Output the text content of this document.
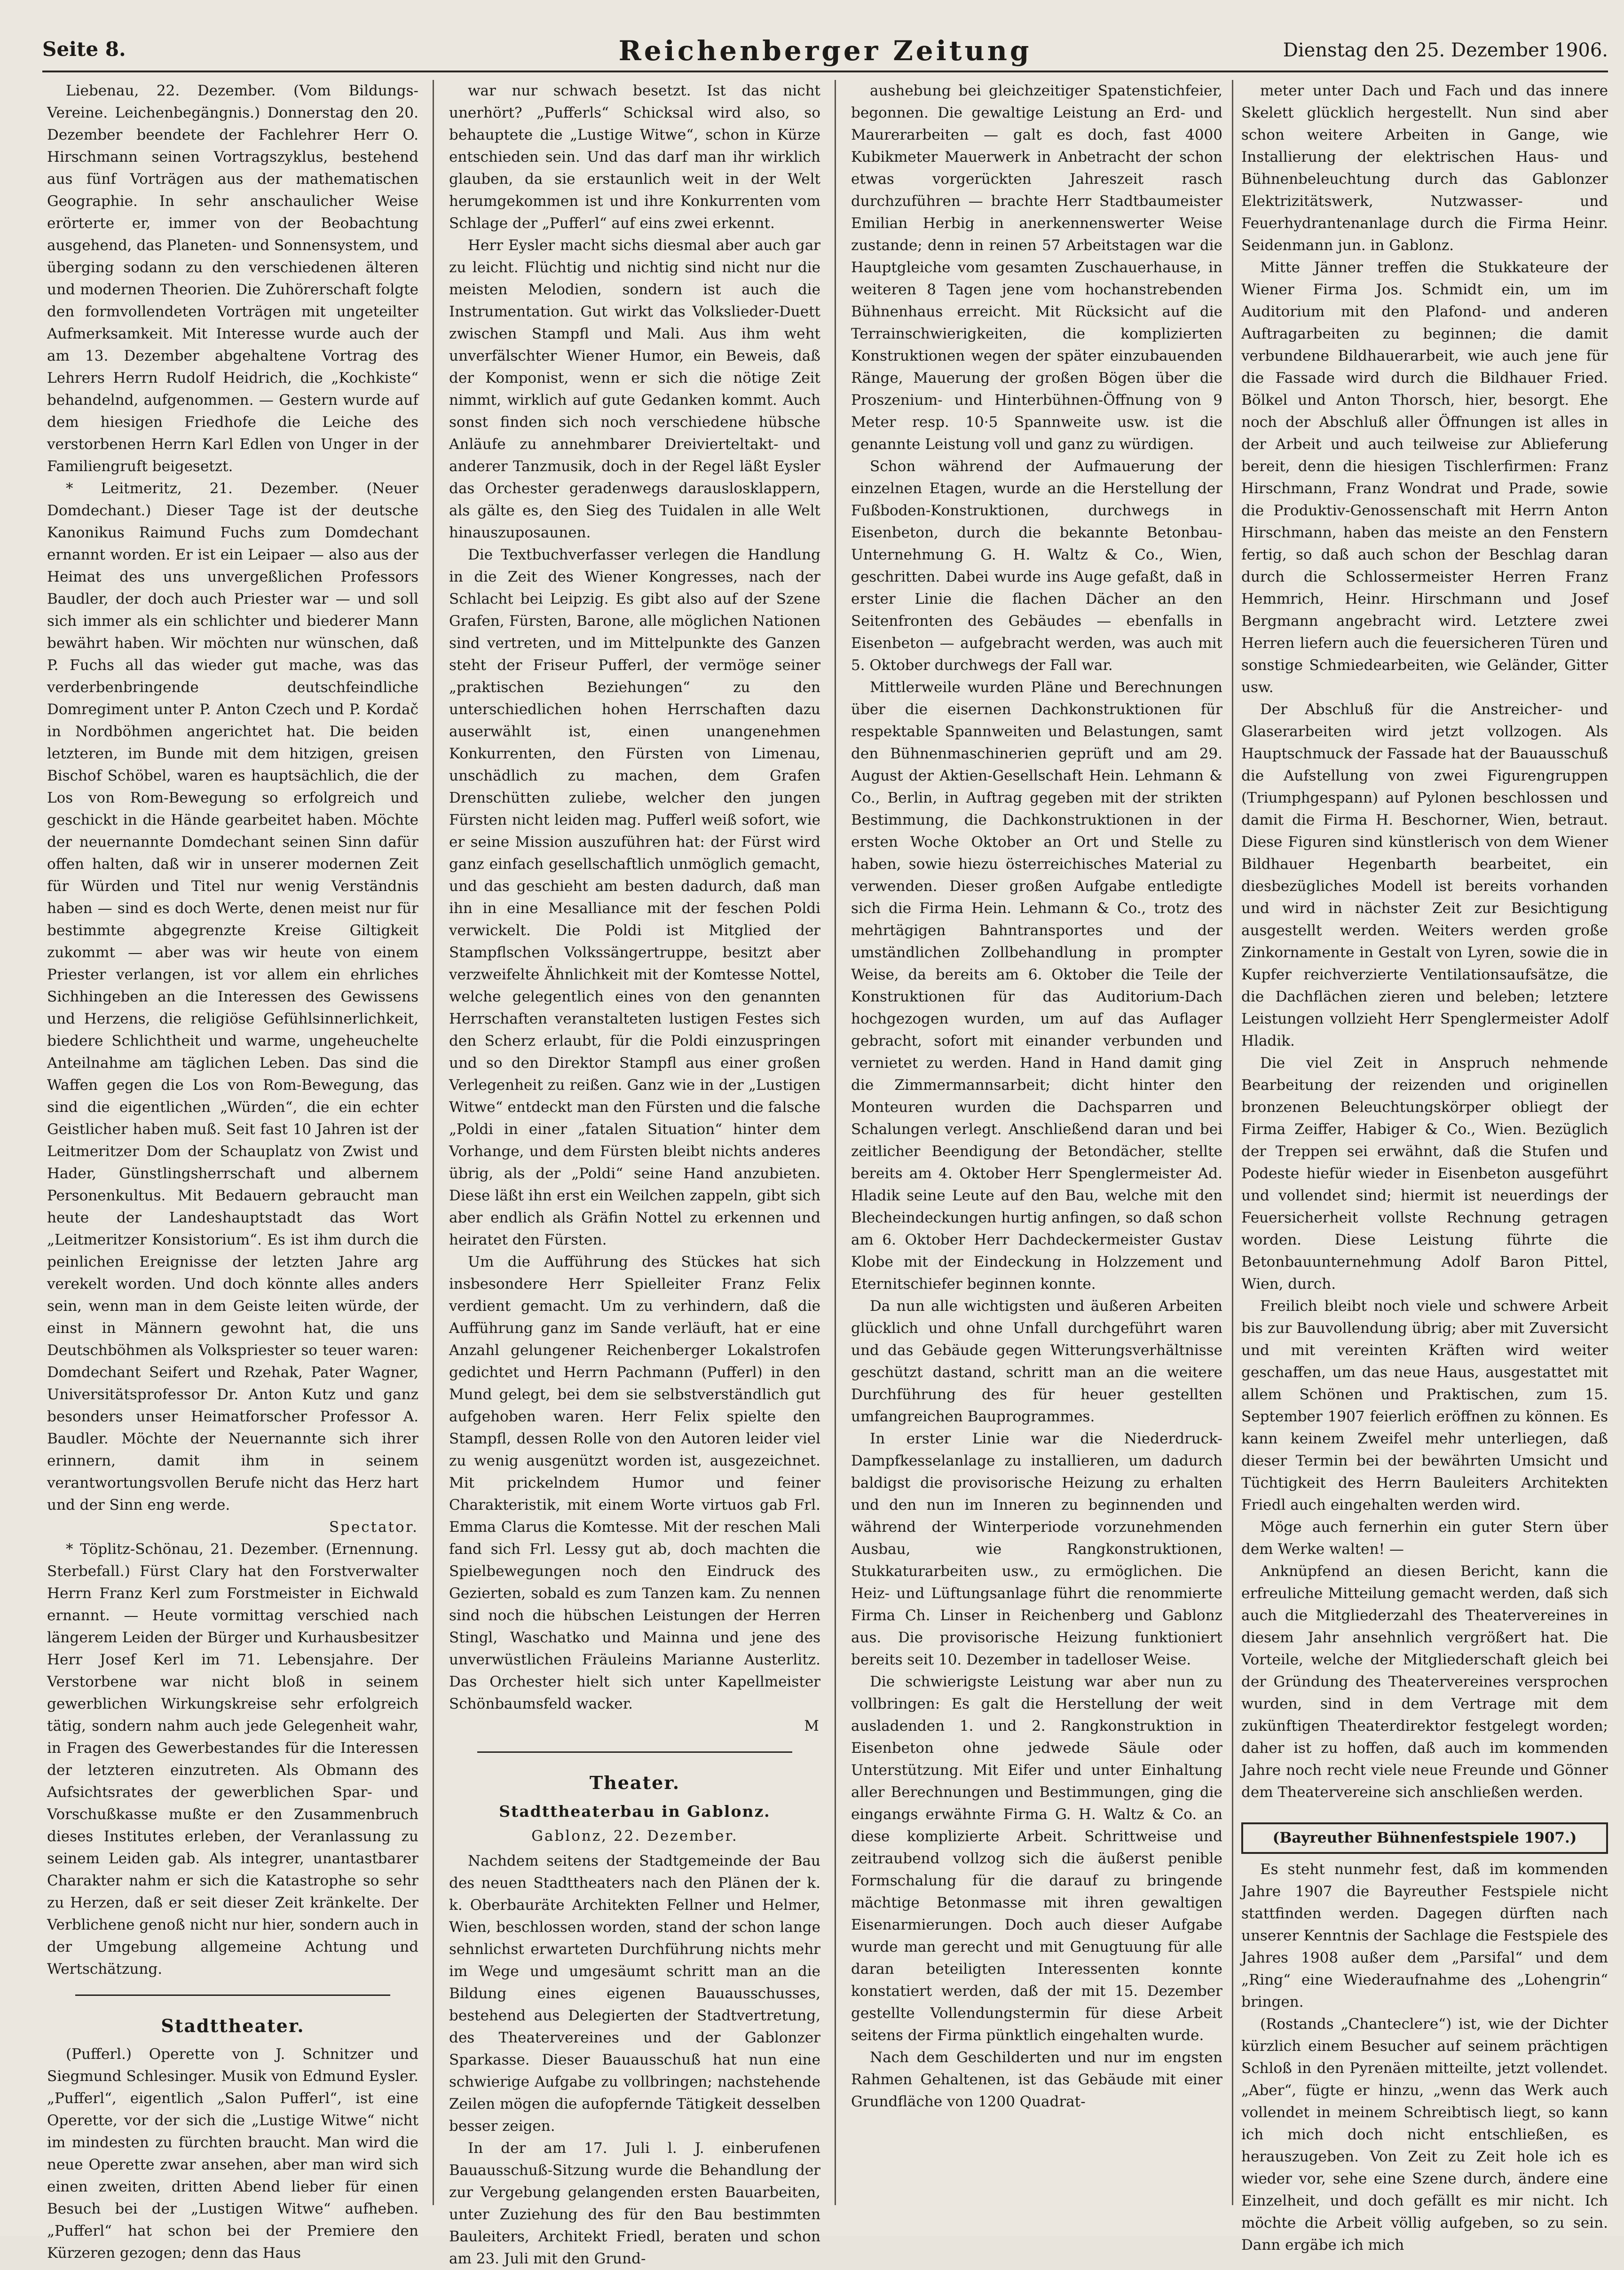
Seite 8.	Reichenberger Zeitung	Dienstag den 25. Dezember 1906.

Liebenau, 22. Dezember. (Vom Bildungs-Vereine. Leichenbegängnis.) Donnerstag den 20. Dezember beendete der Fachlehrer Herr O. Hirschmann seinen Vortragszyklus, bestehend aus fünf Vorträgen aus der mathematischen Geographie. In sehr anschaulicher Weise erörterte er, immer von der Beobachtung ausgehend, das Planeten- und Sonnensystem, und überging sodann zu den verschiedenen älteren und modernen Theorien. Die Zuhörerschaft folgte den formvollendeten Vorträgen mit ungeteilter Aufmerksamkeit. Mit Interesse wurde auch der am 13. Dezember abgehaltene Vortrag des Lehrers Herrn Rudolf Heidrich, die „Kochkiste“ behandelnd, aufgenommen. — Gestern wurde auf dem hiesigen Friedhofe die Leiche des verstorbenen Herrn Karl Edlen von Unger in der Familiengruft beigesetzt.

* Leitmeritz, 21. Dezember. (Neuer Domdechant.) Dieser Tage ist der deutsche Kanonikus Raimund Fuchs zum Domdechant ernannt worden. Er ist ein Leipaer — also aus der Heimat des uns unvergeßlichen Professors Baudler, der doch auch Priester war — und soll sich immer als ein schlichter und biederer Mann bewährt haben. Wir möchten nur wünschen, daß P. Fuchs all das wieder gut mache, was das verderbenbringende deutschfeindliche Domregiment unter P. Anton Czech und P. Kordač in Nordböhmen angerichtet hat. Die beiden letzteren, im Bunde mit dem hitzigen, greisen Bischof Schöbel, waren es hauptsächlich, die der Los von Rom-Bewegung so erfolgreich und geschickt in die Hände gearbeitet haben. Möchte der neuernannte Domdechant seinen Sinn dafür offen halten, daß wir in unserer modernen Zeit für Würden und Titel nur wenig Verständnis haben — sind es doch Werte, denen meist nur für bestimmte abgegrenzte Kreise Giltigkeit zukommt — aber was wir heute von einem Priester verlangen, ist vor allem ein ehrliches Sichhingeben an die Interessen des Gewissens und Herzens, die religiöse Gefühlsinnerlichkeit, biedere Schlichtheit und warme, ungeheuchelte Anteilnahme am täglichen Leben. Das sind die Waffen gegen die Los von Rom-Bewegung, das sind die eigentlichen „Würden“, die ein echter Geistlicher haben muß. Seit fast 10 Jahren ist der Leitmeritzer Dom der Schauplatz von Zwist und Hader, Günstlingsherrschaft und albernem Personenkultus. Mit Bedauern gebraucht man heute der Landeshauptstadt das Wort „Leitmeritzer Konsistorium“. Es ist ihm durch die peinlichen Ereignisse der letzten Jahre arg verekelt worden. Und doch könnte alles anders sein, wenn man in dem Geiste leiten würde, der einst in Männern gewohnt hat, die uns Deutschböhmen als Volkspriester so teuer waren: Domdechant Seifert und Rzehak, Pater Wagner, Universitätsprofessor Dr. Anton Kutz und ganz besonders unser Heimatforscher Professor A. Baudler. Möchte der Neuernannte sich ihrer erinnern, damit ihm in seinem verantwortungsvollen Berufe nicht das Herz hart und der Sinn eng werde.

Spectator.

* Töplitz-Schönau, 21. Dezember. (Ernennung. Sterbefall.) Fürst Clary hat den Forstverwalter Herrn Franz Kerl zum Forstmeister in Eichwald ernannt. — Heute vormittag verschied nach längerem Leiden der Bürger und Kurhausbesitzer Herr Josef Kerl im 71. Lebensjahre. Der Verstorbene war nicht bloß in seinem gewerblichen Wirkungskreise sehr erfolgreich tätig, sondern nahm auch jede Gelegenheit wahr, in Fragen des Gewerbestandes für die Interessen der letzteren einzutreten. Als Obmann des Aufsichtsrates der gewerblichen Spar- und Vorschußkasse mußte er den Zusammenbruch dieses Institutes erleben, der Veranlassung zu seinem Leiden gab. Als integrer, unantastbarer Charakter nahm er sich die Katastrophe so sehr zu Herzen, daß er seit dieser Zeit kränkelte. Der Verblichene genoß nicht nur hier, sondern auch in der Umgebung allgemeine Achtung und Wertschätzung.

Stadttheater.

(Pufferl.) Operette von J. Schnitzer und Siegmund Schlesinger. Musik von Edmund Eysler. „Pufferl“, eigentlich „Salon Pufferl“, ist eine Operette, vor der sich die „Lustige Witwe“ nicht im mindesten zu fürchten braucht. Man wird die neue Operette zwar ansehen, aber man wird sich einen zweiten, dritten Abend lieber für einen Besuch bei der „Lustigen Witwe“ aufheben. „Pufferl“ hat schon bei der Premiere den Kürzeren gezogen; denn das Haus

war nur schwach besetzt. Ist das nicht unerhört? „Pufferls“ Schicksal wird also, so behauptete die „Lustige Witwe“, schon in Kürze entschieden sein. Und das darf man ihr wirklich glauben, da sie erstaunlich weit in der Welt herumgekommen ist und ihre Konkurrenten vom Schlage der „Pufferl“ auf eins zwei erkennt.

Herr Eysler macht sichs diesmal aber auch gar zu leicht. Flüchtig und nichtig sind nicht nur die meisten Melodien, sondern ist auch die Instrumentation. Gut wirkt das Volkslieder-Duett zwischen Stampfl und Mali. Aus ihm weht unverfälschter Wiener Humor, ein Beweis, daß der Komponist, wenn er sich die nötige Zeit nimmt, wirklich auf gute Gedanken kommt. Auch sonst finden sich noch verschiedene hübsche Anläufe zu annehmbarer Dreivierteltakt- und anderer Tanzmusik, doch in der Regel läßt Eysler das Orchester geradenwegs darauslosklappern, als gälte es, den Sieg des Tuidalen in alle Welt hinauszuposaunen.

Die Textbuchverfasser verlegen die Handlung in die Zeit des Wiener Kongresses, nach der Schlacht bei Leipzig. Es gibt also auf der Szene Grafen, Fürsten, Barone, alle möglichen Nationen sind vertreten, und im Mittelpunkte des Ganzen steht der Friseur Pufferl, der vermöge seiner „praktischen Beziehungen“ zu den unterschiedlichen hohen Herrschaften dazu auserwählt ist, einen unangenehmen Konkurrenten, den Fürsten von Limenau, unschädlich zu machen, dem Grafen Drenschütten zuliebe, welcher den jungen Fürsten nicht leiden mag. Pufferl weiß sofort, wie er seine Mission auszuführen hat: der Fürst wird ganz einfach gesellschaftlich unmöglich gemacht, und das geschieht am besten dadurch, daß man ihn in eine Mesalliance mit der feschen Poldi verwickelt. Die Poldi ist Mitglied der Stampflschen Volkssängertruppe, besitzt aber verzweifelte Ähnlichkeit mit der Komtesse Nottel, welche gelegentlich eines von den genannten Herrschaften veranstalteten lustigen Festes sich den Scherz erlaubt, für die Poldi einzuspringen und so den Direktor Stampfl aus einer großen Verlegenheit zu reißen. Ganz wie in der „Lustigen Witwe“ entdeckt man den Fürsten und die falsche „Poldi in einer „fatalen Situation“ hinter dem Vorhange, und dem Fürsten bleibt nichts anderes übrig, als der „Poldi“ seine Hand anzubieten. Diese läßt ihn erst ein Weilchen zappeln, gibt sich aber endlich als Gräfin Nottel zu erkennen und heiratet den Fürsten.

Um die Aufführung des Stückes hat sich insbesondere Herr Spielleiter Franz Felix verdient gemacht. Um zu verhindern, daß die Aufführung ganz im Sande verläuft, hat er eine Anzahl gelungener Reichenberger Lokalstrofen gedichtet und Herrn Pachmann (Pufferl) in den Mund gelegt, bei dem sie selbstverständlich gut aufgehoben waren. Herr Felix spielte den Stampfl, dessen Rolle von den Autoren leider viel zu wenig ausgenützt worden ist, ausgezeichnet. Mit prickelndem Humor und feiner Charakteristik, mit einem Worte virtuos gab Frl. Emma Clarus die Komtesse. Mit der reschen Mali fand sich Frl. Lessy gut ab, doch machten die Spielbewegungen noch den Eindruck des Gezierten, sobald es zum Tanzen kam. Zu nennen sind noch die hübschen Leistungen der Herren Stingl, Waschatko und Mainna und jene des unverwüstlichen Fräuleins Marianne Austerlitz. Das Orchester hielt sich unter Kapellmeister Schönbaumsfeld wacker.

M
Theater.
Stadttheaterbau in Gablonz.
Gablonz, 22. Dezember.

Nachdem seitens der Stadtgemeinde der Bau des neuen Stadttheaters nach den Plänen der k. k. Oberbauräte Architekten Fellner und Helmer, Wien, beschlossen worden, stand der schon lange sehnlichst erwarteten Durchführung nichts mehr im Wege und umgesäumt schritt man an die Bildung eines eigenen Bauausschusses, bestehend aus Delegierten der Stadtvertretung, des Theatervereines und der Gablonzer Sparkasse. Dieser Bauausschuß hat nun eine schwierige Aufgabe zu vollbringen; nachstehende Zeilen mögen die aufopfernde Tätigkeit desselben besser zeigen.

In der am 17. Juli l. J. einberufenen Bauausschuß-Sitzung wurde die Behandlung der zur Vergebung gelangenden ersten Bauarbeiten, unter Zuziehung des für den Bau bestimmten Bauleiters, Architekt Friedl, beraten und schon am 23. Juli mit den Grund-

aushebung bei gleichzeitiger Spatenstichfeier, begonnen. Die gewaltige Leistung an Erd- und Maurerarbeiten — galt es doch, fast 4000 Kubikmeter Mauerwerk in Anbetracht der schon etwas vorgerückten Jahreszeit rasch durchzuführen — brachte Herr Stadtbaumeister Emilian Herbig in anerkennenswerter Weise zustande; denn in reinen 57 Arbeitstagen war die Hauptgleiche vom gesamten Zuschauerhause, in weiteren 8 Tagen jene vom hochanstrebenden Bühnenhaus erreicht. Mit Rücksicht auf die Terrainschwierigkeiten, die komplizierten Konstruktionen wegen der später einzubauenden Ränge, Mauerung der großen Bögen über die Proszenium- und Hinterbühnen-Öffnung von 9 Meter resp. 10·5 Spannweite usw. ist die genannte Leistung voll und ganz zu würdigen.

Schon während der Aufmauerung der einzelnen Etagen, wurde an die Herstellung der Fußboden-Konstruktionen, durchwegs in Eisenbeton, durch die bekannte Betonbau-Unternehmung G. H. Waltz & Co., Wien, geschritten. Dabei wurde ins Auge gefaßt, daß in erster Linie die flachen Dächer an den Seitenfronten des Gebäudes — ebenfalls in Eisenbeton — aufgebracht werden, was auch mit 5. Oktober durchwegs der Fall war.

Mittlerweile wurden Pläne und Berechnungen über die eisernen Dachkonstruktionen für respektable Spannweiten und Belastungen, samt den Bühnenmaschinerien geprüft und am 29. August der Aktien-Gesellschaft Hein. Lehmann & Co., Berlin, in Auftrag gegeben mit der strikten Bestimmung, die Dachkonstruktionen in der ersten Woche Oktober an Ort und Stelle zu haben, sowie hiezu österreichisches Material zu verwenden. Dieser großen Aufgabe entledigte sich die Firma Hein. Lehmann & Co., trotz des mehrtägigen Bahntransportes und der umständlichen Zollbehandlung in prompter Weise, da bereits am 6. Oktober die Teile der Konstruktionen für das Auditorium-Dach hochgezogen wurden, um auf das Auflager gebracht, sofort mit einander verbunden und vernietet zu werden. Hand in Hand damit ging die Zimmermannsarbeit; dicht hinter den Monteuren wurden die Dachsparren und Schalungen verlegt. Anschließend daran und bei zeitlicher Beendigung der Betondächer, stellte bereits am 4. Oktober Herr Spenglermeister Ad. Hladik seine Leute auf den Bau, welche mit den Blecheindeckungen hurtig anfingen, so daß schon am 6. Oktober Herr Dachdeckermeister Gustav Klobe mit der Eindeckung in Holzzement und Eternitschiefer beginnen konnte.

Da nun alle wichtigsten und äußeren Arbeiten glücklich und ohne Unfall durchgeführt waren und das Gebäude gegen Witterungsverhältnisse geschützt dastand, schritt man an die weitere Durchführung des für heuer gestellten umfangreichen Bauprogrammes.

In erster Linie war die Niederdruck-Dampfkesselanlage zu installieren, um dadurch baldigst die provisorische Heizung zu erhalten und den nun im Inneren zu beginnenden und während der Winterperiode vorzunehmenden Ausbau, wie Rangkonstruktionen, Stukkaturarbeiten usw., zu ermöglichen. Die Heiz- und Lüftungsanlage führt die renommierte Firma Ch. Linser in Reichenberg und Gablonz aus. Die provisorische Heizung funktioniert bereits seit 10. Dezember in tadelloser Weise.

Die schwierigste Leistung war aber nun zu vollbringen: Es galt die Herstellung der weit ausladenden 1. und 2. Rangkonstruktion in Eisenbeton ohne jedwede Säule oder Unterstützung. Mit Eifer und unter Einhaltung aller Berechnungen und Bestimmungen, ging die eingangs erwähnte Firma G. H. Waltz & Co. an diese komplizierte Arbeit. Schrittweise und zeitraubend vollzog sich die äußerst penible Formschalung für die darauf zu bringende mächtige Betonmasse mit ihren gewaltigen Eisenarmierungen. Doch auch dieser Aufgabe wurde man gerecht und mit Genugtuung für alle daran beteiligten Interessenten konnte konstatiert werden, daß der mit 15. Dezember gestellte Vollendungstermin für diese Arbeit seitens der Firma pünktlich eingehalten wurde.

Nach dem Geschilderten und nur im engsten Rahmen Gehaltenen, ist das Gebäude mit einer Grundfläche von 1200 Quadrat-

meter unter Dach und Fach und das innere Skelett glücklich hergestellt. Nun sind aber schon weitere Arbeiten in Gange, wie Installierung der elektrischen Haus- und Bühnenbeleuchtung durch das Gablonzer Elektrizitätswerk, Nutzwasser- und Feuerhydrantenanlage durch die Firma Heinr. Seidenmann jun. in Gablonz.

Mitte Jänner treffen die Stukkateure der Wiener Firma Jos. Schmidt ein, um im Auditorium mit den Plafond- und anderen Auftragarbeiten zu beginnen; die damit verbundene Bildhauerarbeit, wie auch jene für die Fassade wird durch die Bildhauer Fried. Bölkel und Anton Thorsch, hier, besorgt. Ehe noch der Abschluß aller Öffnungen ist alles in der Arbeit und auch teilweise zur Ablieferung bereit, denn die hiesigen Tischlerfirmen: Franz Hirschmann, Franz Wondrat und Prade, sowie die Produktiv-Genossenschaft mit Herrn Anton Hirschmann, haben das meiste an den Fenstern fertig, so daß auch schon der Beschlag daran durch die Schlossermeister Herren Franz Hemmrich, Heinr. Hirschmann und Josef Bergmann angebracht wird. Letztere zwei Herren liefern auch die feuersicheren Türen und sonstige Schmiedearbeiten, wie Geländer, Gitter usw.

Der Abschluß für die Anstreicher- und Glaserarbeiten wird jetzt vollzogen. Als Hauptschmuck der Fassade hat der Bauausschuß die Aufstellung von zwei Figurengruppen (Triumphgespann) auf Pylonen beschlossen und damit die Firma H. Beschorner, Wien, betraut. Diese Figuren sind künstlerisch von dem Wiener Bildhauer Hegenbarth bearbeitet, ein diesbezügliches Modell ist bereits vorhanden und wird in nächster Zeit zur Besichtigung ausgestellt werden. Weiters werden große Zinkornamente in Gestalt von Lyren, sowie die in Kupfer reichverzierte Ventilationsaufsätze, die die Dachflächen zieren und beleben; letztere Leistungen vollzieht Herr Spenglermeister Adolf Hladik.

Die viel Zeit in Anspruch nehmende Bearbeitung der reizenden und originellen bronzenen Beleuchtungskörper obliegt der Firma Zeiffer, Habiger & Co., Wien. Bezüglich der Treppen sei erwähnt, daß die Stufen und Podeste hiefür wieder in Eisenbeton ausgeführt und vollendet sind; hiermit ist neuerdings der Feuersicherheit vollste Rechnung getragen worden. Diese Leistung führte die Betonbauunternehmung Adolf Baron Pittel, Wien, durch.

Freilich bleibt noch viele und schwere Arbeit bis zur Bauvollendung übrig; aber mit Zuversicht und mit vereinten Kräften wird weiter geschaffen, um das neue Haus, ausgestattet mit allem Schönen und Praktischen, zum 15. September 1907 feierlich eröffnen zu können. Es kann keinem Zweifel mehr unterliegen, daß dieser Termin bei der bewährten Umsicht und Tüchtigkeit des Herrn Bauleiters Architekten Friedl auch eingehalten werden wird.

Möge auch fernerhin ein guter Stern über dem Werke walten! —

Anknüpfend an diesen Bericht, kann die erfreuliche Mitteilung gemacht werden, daß sich auch die Mitgliederzahl des Theatervereines in diesem Jahr ansehnlich vergrößert hat. Die Vorteile, welche der Mitgliederschaft gleich bei der Gründung des Theatervereines versprochen wurden, sind in dem Vertrage mit dem zukünftigen Theaterdirektor festgelegt worden; daher ist zu hoffen, daß auch im kommenden Jahre noch recht viele neue Freunde und Gönner dem Theatervereine sich anschließen werden.

(Bayreuther Bühnenfestspiele 1907.)

Es steht nunmehr fest, daß im kommenden Jahre 1907 die Bayreuther Festspiele nicht stattfinden werden. Dagegen dürften nach unserer Kenntnis der Sachlage die Festspiele des Jahres 1908 außer dem „Parsifal“ und dem „Ring“ eine Wiederaufnahme des „Lohengrin“ bringen.

(Rostands „Chanteclere“) ist, wie der Dichter kürzlich einem Besucher auf seinem prächtigen Schloß in den Pyrenäen mitteilte, jetzt vollendet. „Aber“, fügte er hinzu, „wenn das Werk auch vollendet in meinem Schreibtisch liegt, so kann ich mich doch nicht entschließen, es herauszugeben. Von Zeit zu Zeit hole ich es wieder vor, sehe eine Szene durch, ändere eine Einzelheit, und doch gefällt es mir nicht. Ich möchte die Arbeit völlig aufgeben, so zu sein. Dann ergäbe ich mich
